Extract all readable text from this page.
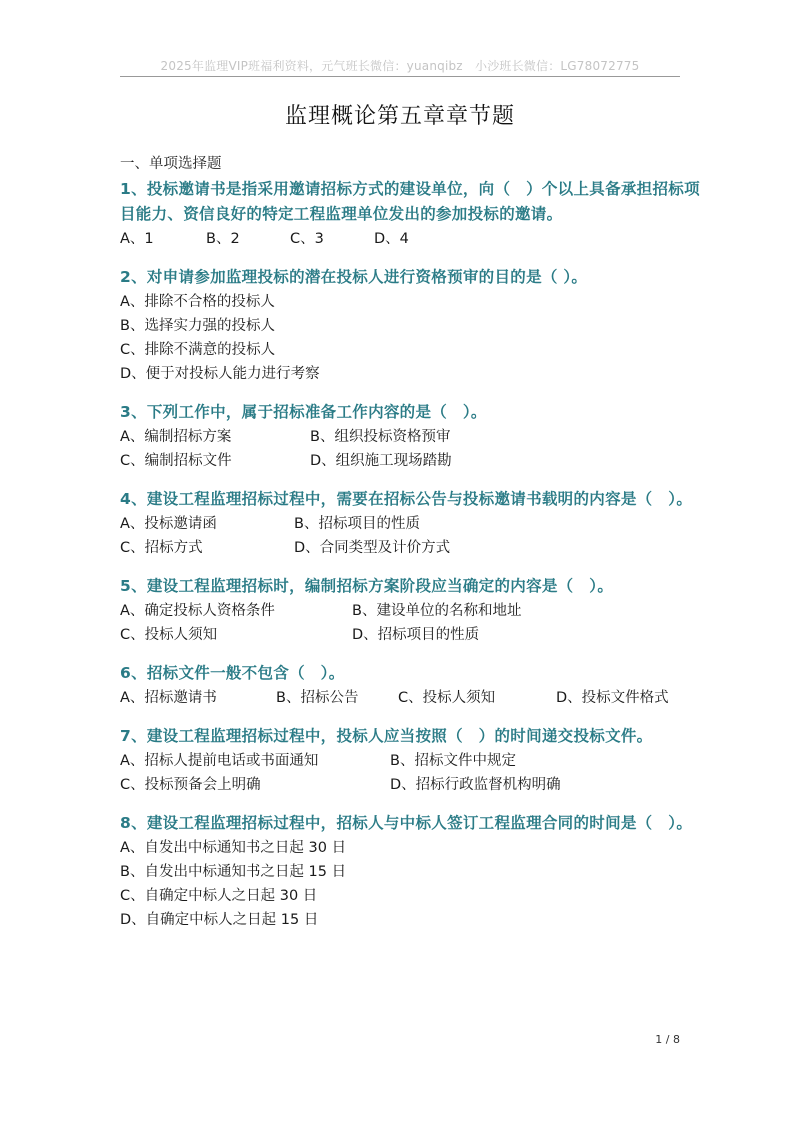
2025年监理VIP班福利资料，元气班长微信：yuanqibz　小沙班长微信：LG78072775
监理概论第五章章节题
一、单项选择题
1、投标邀请书是指采用邀请招标方式的建设单位，向（　）个以上具备承担招标项目能力、资信良好的特定工程监理单位发出的参加投标的邀请。
A、1	B、2	C、3	D、4
2、对申请参加监理投标的潜在投标人进行资格预审的目的是（ ）。
A、排除不合格的投标人
B、选择实力强的投标人
C、排除不满意的投标人
D、便于对投标人能力进行考察
3、下列工作中，属于招标准备工作内容的是（　）。
A、编制招标方案	B、组织投标资格预审
C、编制招标文件	D、组织施工现场踏勘
4、建设工程监理招标过程中，需要在招标公告与投标邀请书载明的内容是（　）。
A、投标邀请函	B、招标项目的性质
C、招标方式	D、合同类型及计价方式
5、建设工程监理招标时，编制招标方案阶段应当确定的内容是（　）。
A、确定投标人资格条件	B、建设单位的名称和地址
C、投标人须知	D、招标项目的性质
6、招标文件一般不包含（　）。
A、招标邀请书	B、招标公告	C、投标人须知	D、投标文件格式
7、建设工程监理招标过程中，投标人应当按照（　）的时间递交投标文件。
A、招标人提前电话或书面通知	B、招标文件中规定
C、投标预备会上明确	D、招标行政监督机构明确
8、建设工程监理招标过程中，招标人与中标人签订工程监理合同的时间是（　）。
A、自发出中标通知书之日起 30 日
B、自发出中标通知书之日起 15 日
C、自确定中标人之日起 30 日
D、自确定中标人之日起 15 日
1 / 8
